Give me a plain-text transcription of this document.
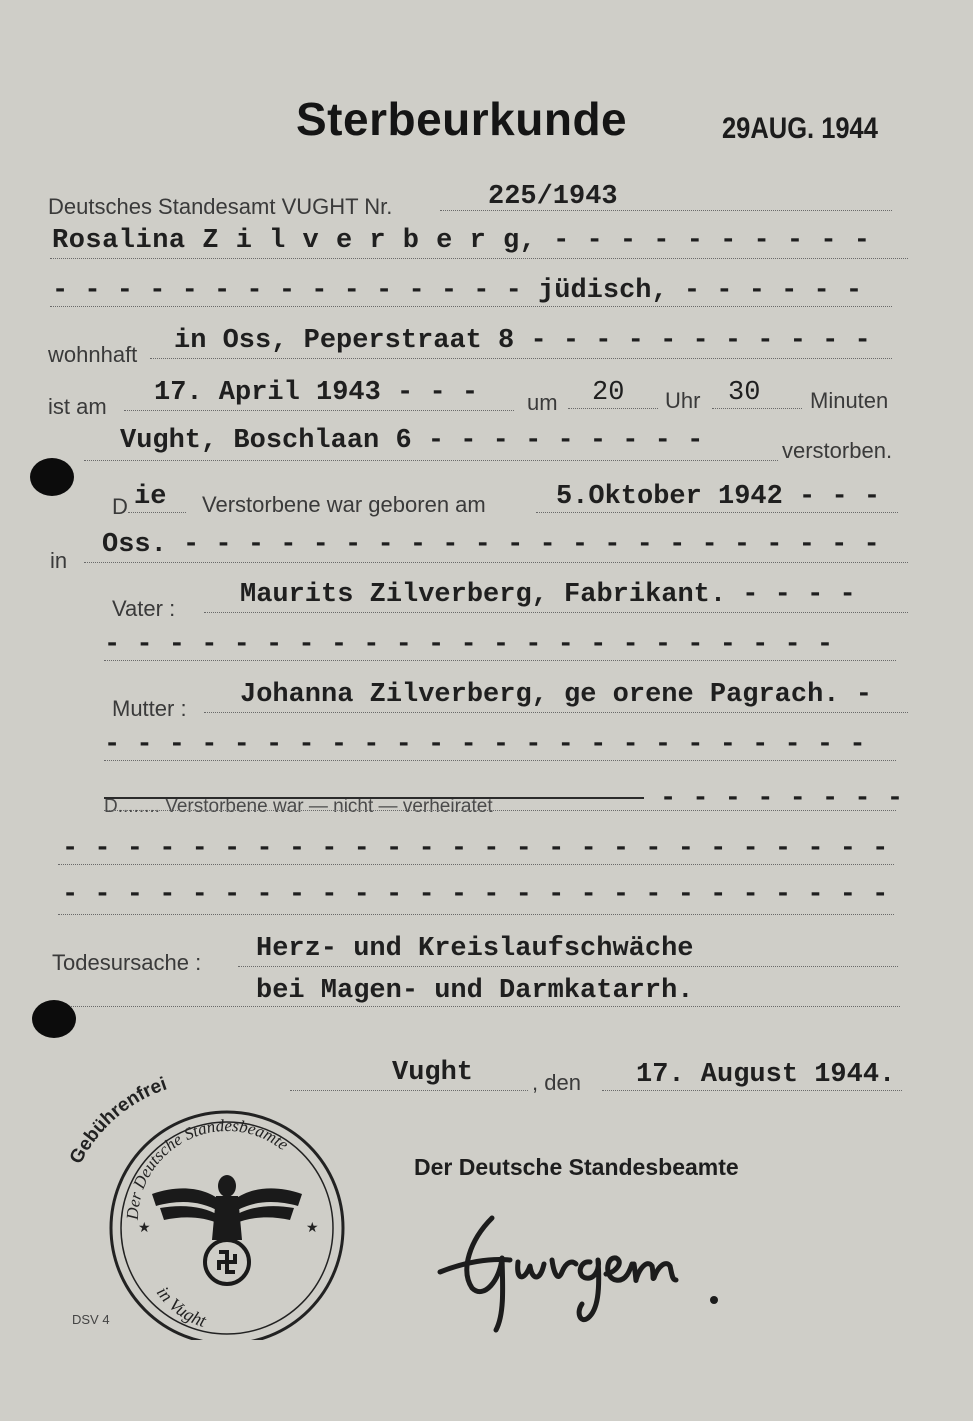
Sterbeurkunde	29AUG. 1944
Deutsches Standesamt VUGHT Nr.	225/1943
Rosalina Z i l v e r b e r g, - - - - - - - - - -
- - - - - - - - - - - - - - - jüdisch, - - - - - -
wohnhaft in Oss, Peperstraat 8 - - - - - - - - - - -
ist am 17. April 1943 - - - um 20 Uhr 30 Minuten
Vught, Boschlaan 6 - - - - - - - - -	verstorben.
D ie Verstorbene war geboren am	5.Oktober 1942 - - -
in
Oss. - - - - - - - - - - - - - - - - - - - - - -
Vater : Maurits Zilverberg, Fabrikant. - - - -
- - - - - - - - - - - - - - - - - - - - - - -
Mutter : Johanna Zilverberg, ge orene Pagrach. -
- - - - - - - - - - - - - - - - - - - - - - - -
D........ Verstorbene war — nicht — verheiratet	- - - - - - - -
- - - - - - - - - - - - - - - - - - - - - - - - - -
- - - - - - - - - - - - - - - - - - - - - - - - - -
Todesursache : Herz- und Kreislaufschwäche
bei Magen- und Darmkatarrh.
Vught	, den 17. August 1944.
Der Deutsche Standesbeamte
Gebührenfrei
Der Deutsche Standesbeamte
in Vught
★	★
DSV 4
